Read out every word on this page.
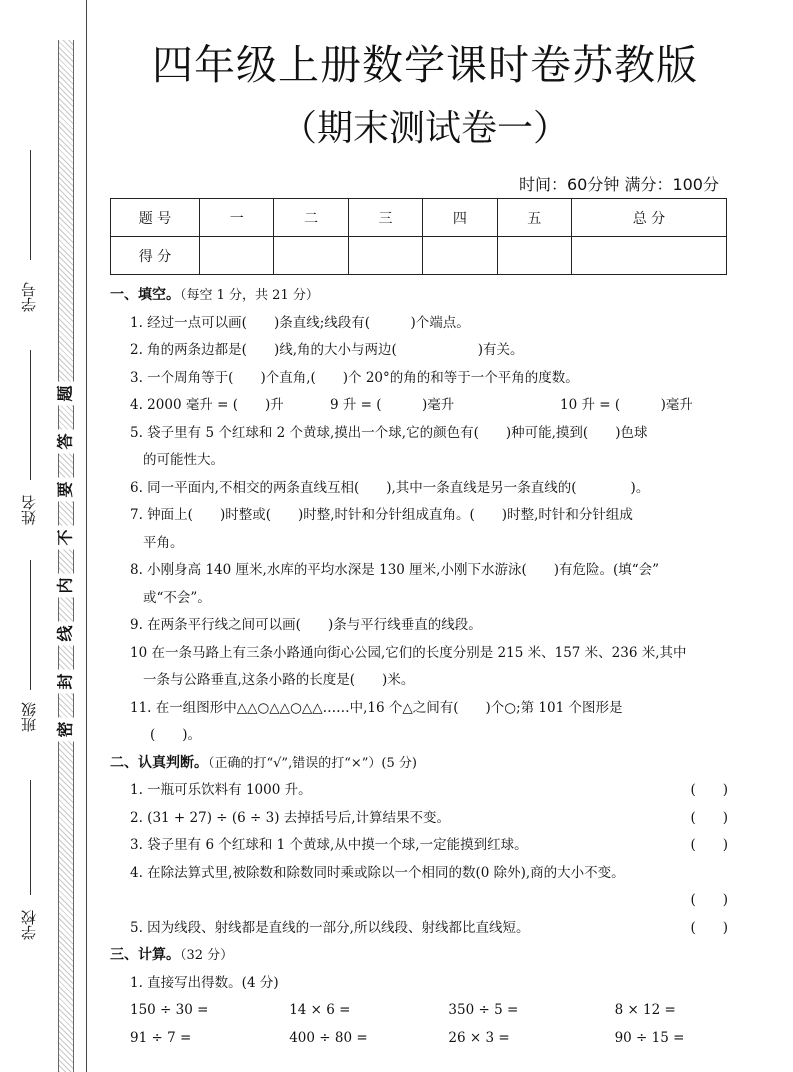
学号
姓名
班级
学校
题
答
要
不
内
线
封
密
四年级上册数学课时卷苏教版
（期末测试卷一）
时间：60分钟 满分：100分
题 号	一	二	三	四	五	总 分
得 分						
一、填空。（每空 1 分，共 21 分）
1. 经过一点可以画(　　)条直线;线段有(　　　)个端点。
2. 角的两条边都是(　　)线,角的大小与两边(　　　　　　)有关。
3. 一个周角等于(　　)个直角,(　　)个 20°的角的和等于一个平角的度数。
4. 2000 毫升 = (　　)升	9 升 = (　　　)毫升	10 升 = (　　　)毫升
5. 袋子里有 5 个红球和 2 个黄球,摸出一个球,它的颜色有(　　)种可能,摸到(　　)色球
的可能性大。
6. 同一平面内,不相交的两条直线互相(　　),其中一条直线是另一条直线的(　　　　)。
7. 钟面上(　　)时整或(　　)时整,时针和分针组成直角。(　　)时整,时针和分针组成
平角。
8. 小刚身高 140 厘米,水库的平均水深是 130 厘米,小刚下水游泳(　　)有危险。(填“会”
或“不会”。
9. 在两条平行线之间可以画(　　)条与平行线垂直的线段。
10 在一条马路上有三条小路通向街心公园,它们的长度分别是 215 米、157 米、236 米,其中
一条与公路垂直,这条小路的长度是(　　)米。
11. 在一组图形中△△○△△○△△……中,16 个△之间有(　　)个○;第 101 个图形是
(　　)。
二、认真判断。（正确的打“√”,错误的打“×”）(5 分)
1. 一瓶可乐饮料有 1000 升。	(　　)
2. (31 + 27) ÷ (6 ÷ 3) 去掉括号后,计算结果不变。	(　　)
3. 袋子里有 6 个红球和 1 个黄球,从中摸一个球,一定能摸到红球。	(　　)
4. 在除法算式里,被除数和除数同时乘或除以一个相同的数(0 除外),商的大小不变。
(　　)
5. 因为线段、射线都是直线的一部分,所以线段、射线都比直线短。	(　　)
三、计算。（32 分）
1. 直接写出得数。(4 分)
150 ÷ 30 =	14 × 6 =	350 ÷ 5 =	8 × 12 =
91 ÷ 7 =	400 ÷ 80 =	26 × 3 =	90 ÷ 15 =
